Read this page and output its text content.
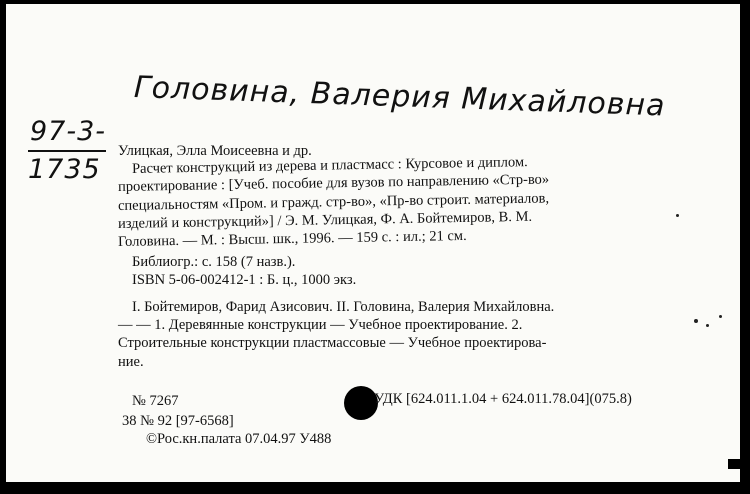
Головина, Валерия Михайловна
97-3-
1735
Улицкая, Элла Моисеевна и др.
Расчет конструкций из дерева и пластмасс : Курсовое и диплом.
проектирование : [Учеб. пособие для вузов по направлению «Стр-во»
специальностям «Пром. и гражд. стр-во», «Пр-во строит. материалов,
изделий и конструкций»] / Э. М. Улицкая, Ф. А. Бойтемиров, В. М.
Головина. — М. : Высш. шк., 1996. — 159 с. : ил.; 21 см.
Библиогр.: с. 158 (7 назв.).
ISBN 5-06-002412-1 : Б. ц., 1000 экз.
I. Бойтемиров, Фарид Азисович. II. Головина, Валерия Михайловна.
— — 1. Деревянные конструкции — Учебное проектирование. 2.
Строительные конструкции пластмассовые — Учебное проектирова-
ние.
№ 7267	УДК [624.011.1.04 + 624.011.78.04](075.8)
38 № 92 [97-6568]
©Рос.кн.палата 07.04.97 У488
